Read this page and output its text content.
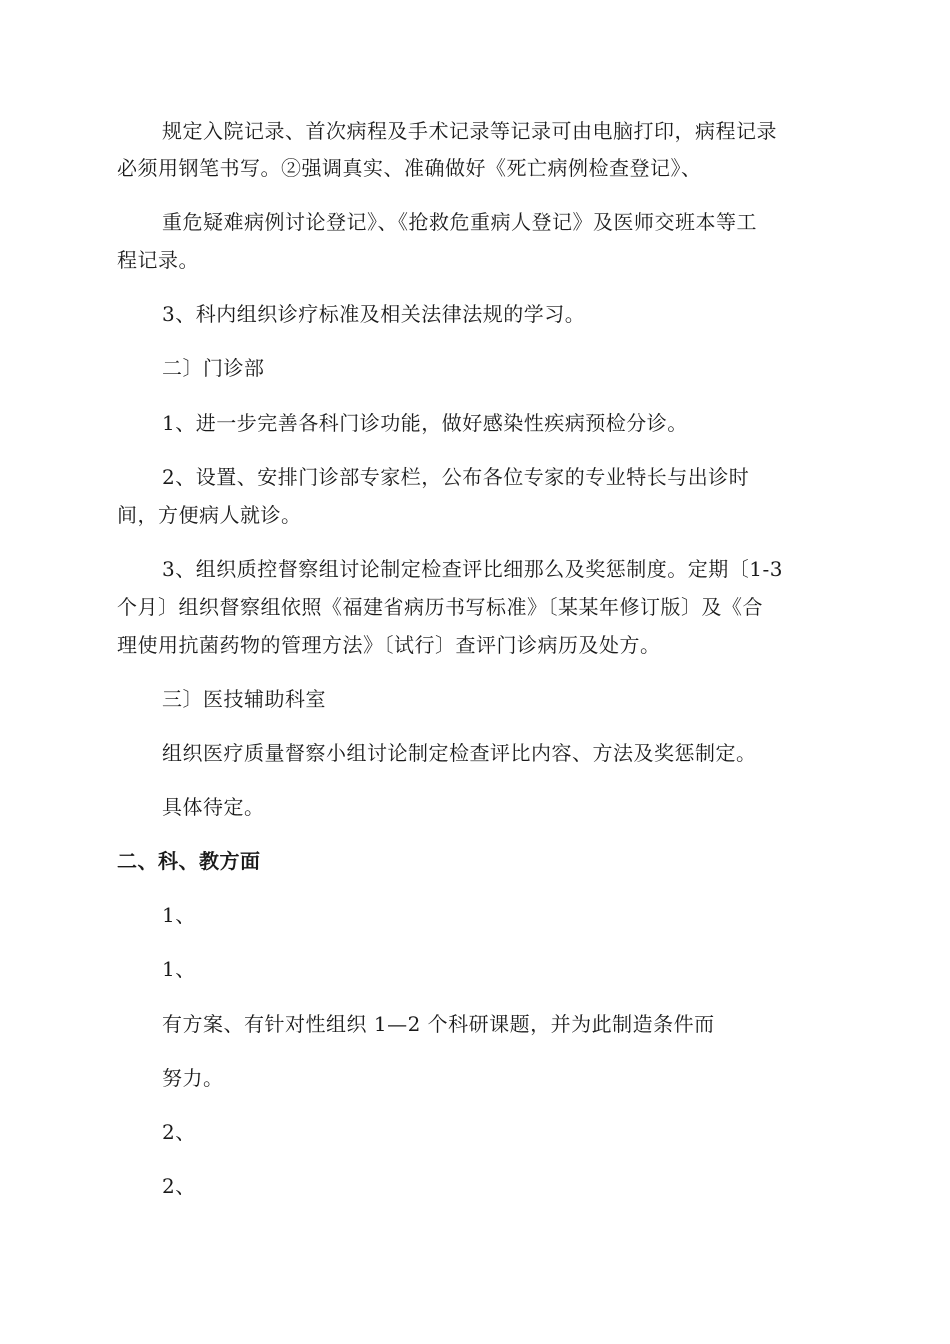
规定入院记录、首次病程及手术记录等记录可由电脑打印，病程记录
必须用钢笔书写。②强调真实、准确做好《死亡病例检查登记》、
重危疑难病例讨论登记》、《抢救危重病人登记》及医师交班本等工
程记录。
3、科内组织诊疗标准及相关法律法规的学习。
二〕门诊部
1、进一步完善各科门诊功能，做好感染性疾病预检分诊。
2、设置、安排门诊部专家栏，公布各位专家的专业特长与出诊时
间，方便病人就诊。
3、组织质控督察组讨论制定检查评比细那么及奖惩制度。定期〔1-3
个月〕组织督察组依照《福建省病历书写标准》〔某某年修订版〕及《合
理使用抗菌药物的管理方法》〔试行〕查评门诊病历及处方。
三〕医技辅助科室
组织医疗质量督察小组讨论制定检查评比内容、方法及奖惩制定。
具体待定。
二、科、教方面
1、
1、
有方案、有针对性组织 1—2 个科研课题，并为此制造条件而
努力。
2、
2、
